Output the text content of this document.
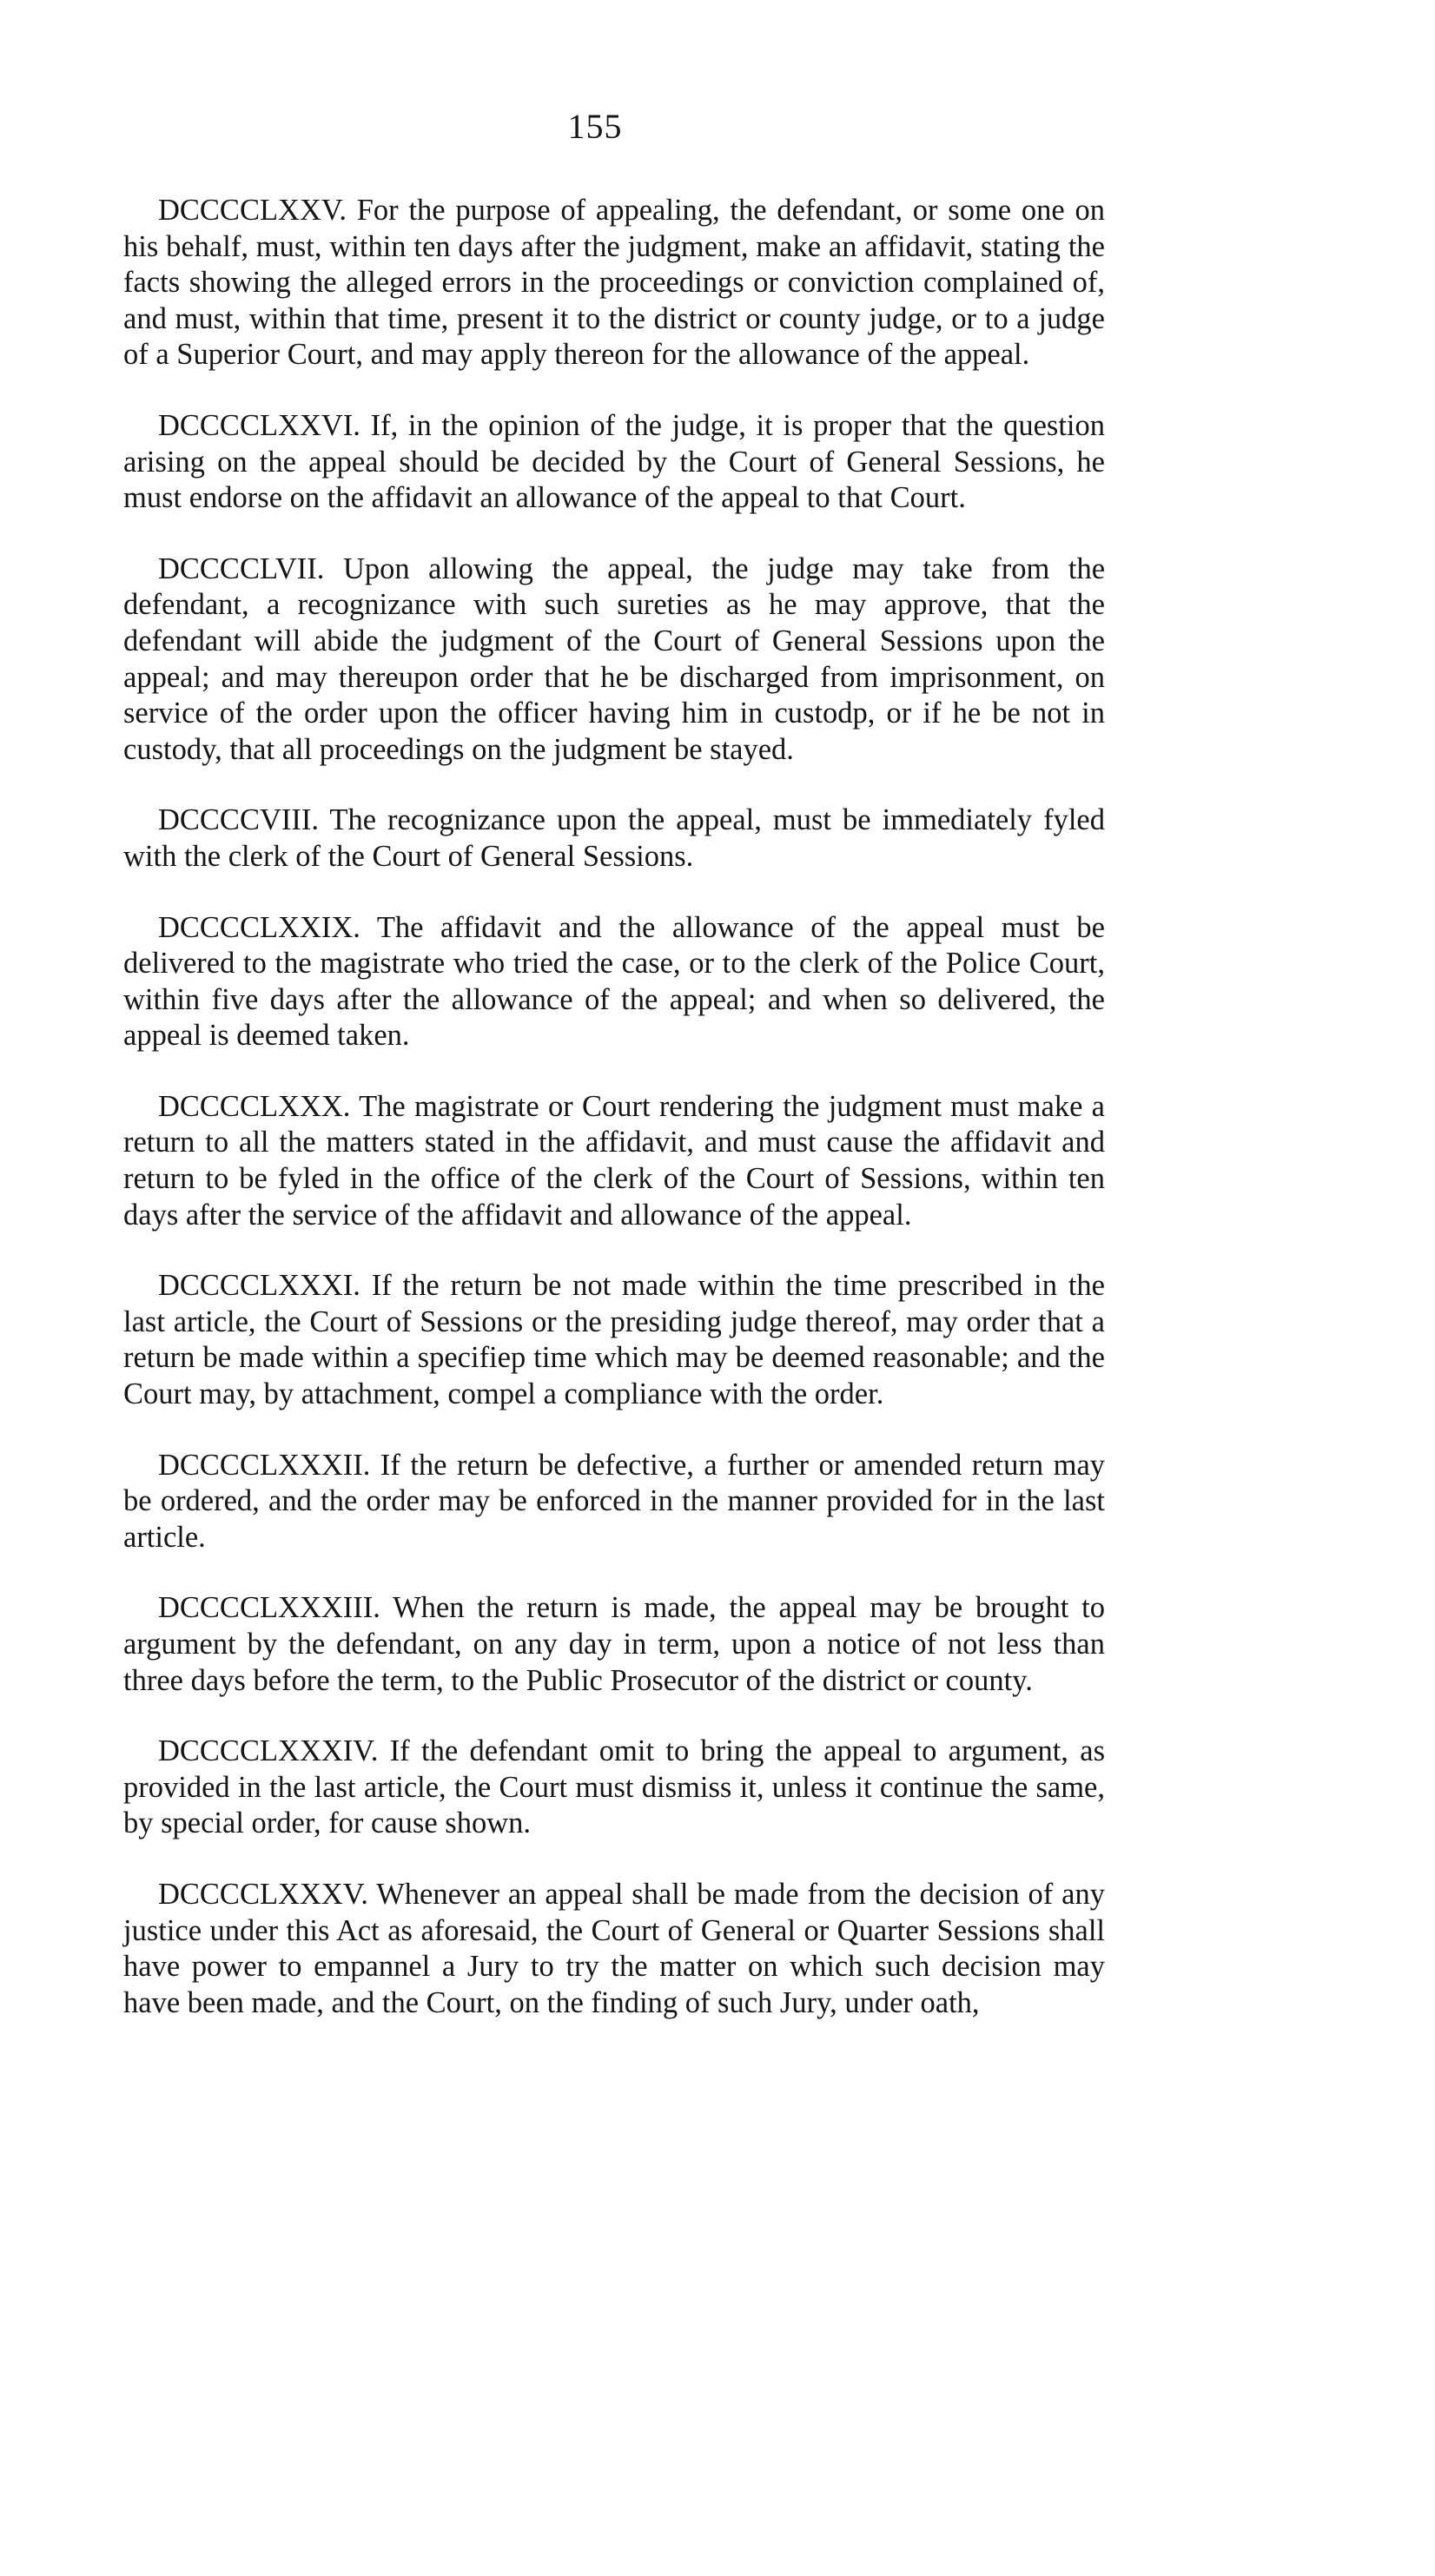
155

DCCCCLXXV. For the purpose of appealing, the defendant, or some one on his behalf, must, within ten days after the judgment, make an affidavit, stating the facts showing the alleged errors in the proceedings or conviction complained of, and must, within that time, present it to the district or county judge, or to a judge of a Superior Court, and may apply thereon for the allowance of the appeal.

DCCCCLXXVI. If, in the opinion of the judge, it is proper that the question arising on the appeal should be decided by the Court of General Sessions, he must endorse on the affidavit an allowance of the appeal to that Court.

DCCCCLVII. Upon allowing the appeal, the judge may take from the defendant, a recognizance with such sureties as he may approve, that the defendant will abide the judgment of the Court of General Sessions upon the appeal; and may thereupon order that he be discharged from imprisonment, on service of the order upon the officer having him in custodp, or if he be not in custody, that all proceedings on the judgment be stayed.

DCCCCVIII. The recognizance upon the appeal, must be immediately fyled with the clerk of the Court of General Sessions.

DCCCCLXXIX. The affidavit and the allowance of the appeal must be delivered to the magistrate who tried the case, or to the clerk of the Police Court, within five days after the allowance of the appeal; and when so delivered, the appeal is deemed taken.

DCCCCLXXX. The magistrate or Court rendering the judgment must make a return to all the matters stated in the affidavit, and must cause the affidavit and return to be fyled in the office of the clerk of the Court of Sessions, within ten days after the service of the affidavit and allowance of the appeal.

DCCCCLXXXI. If the return be not made within the time prescribed in the last article, the Court of Sessions or the presiding judge thereof, may order that a return be made within a specifiep time which may be deemed reasonable; and the Court may, by attachment, compel a compliance with the order.

DCCCCLXXXII. If the return be defective, a further or amended return may be ordered, and the order may be enforced in the manner provided for in the last article.

DCCCCLXXXIII. When the return is made, the appeal may be brought to argument by the defendant, on any day in term, upon a notice of not less than three days before the term, to the Public Prosecutor of the district or county.

DCCCCLXXXIV. If the defendant omit to bring the appeal to argument, as provided in the last article, the Court must dismiss it, unless it continue the same, by special order, for cause shown.

DCCCCLXXXV. Whenever an appeal shall be made from the decision of any justice under this Act as aforesaid, the Court of General or Quarter Sessions shall have power to empannel a Jury to try the matter on which such decision may have been made, and the Court, on the finding of such Jury, under oath,
